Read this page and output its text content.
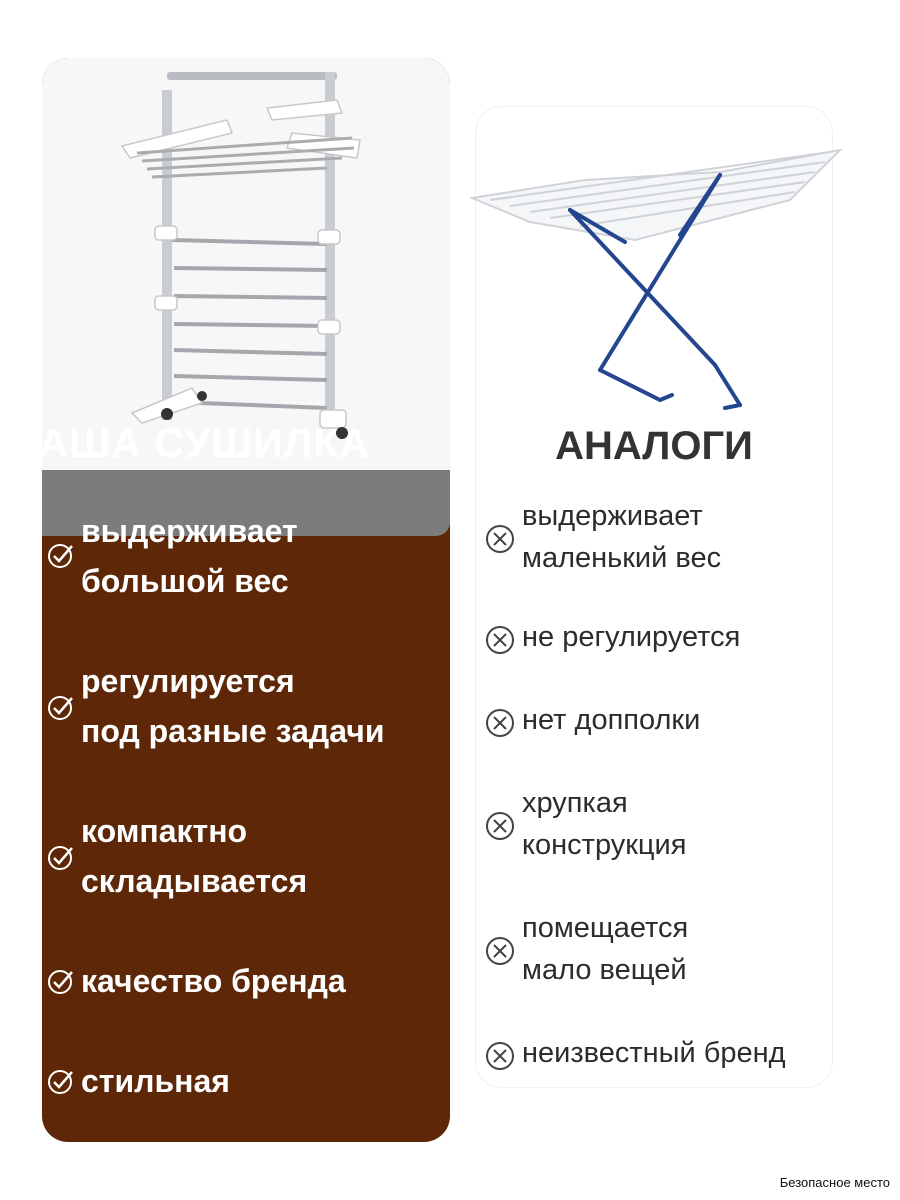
НАША СУШИЛКА
выдерживает
большой вес
регулируется
под разные задачи
компактно
складывается
качество бренда
стильная
АНАЛОГИ
выдерживает
маленький вес
не регулируется
нет допполки
хрупкая
конструкция
помещается
мало вещей
неизвестный бренд
Безопасное место
